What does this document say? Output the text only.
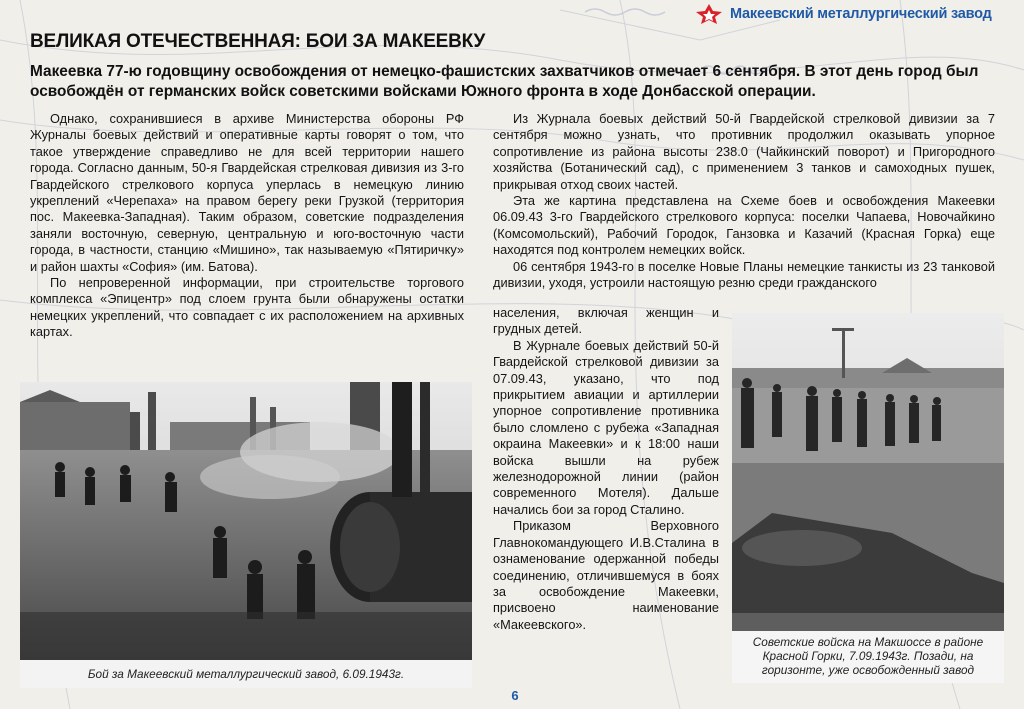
Макеевский металлургический завод
ВЕЛИКАЯ ОТЕЧЕСТВЕННАЯ: БОИ ЗА МАКЕЕВКУ

Макеевка 77-ю годовщину освобождения от немецко-фашистских захватчиков отмечает 6 сентября. В этот день город был освобождён от германских войск советскими войсками Южного фронта в ходе Донбасской операции.

Однако, сохранившиеся в архиве Министерства обороны РФ Журналы боевых действий и оперативные карты говорят о том, что такое утверждение справедливо не для всей территории нашего города. Согласно данным, 50-я Гвардейская стрелковая дивизия из 3-го Гвардейского стрелкового корпуса уперлась в немецкую линию укреплений «Черепаха» на правом берегу реки Грузкой (территория пос. Макеевка-Западная). Таким образом, советские подразделения заняли восточную, северную, центральную и юго-восточную части города, в частности, станцию «Мишино», так называемую «Пятиричку» и район шахты «София» (им. Батова).

По непроверенной информации, при строительстве торгового комплекса «Эпицентр» под слоем грунта были обнаружены остатки немецких укреплений, что совпадает с их расположением на архивных картах.

Из Журнала боевых действий 50-й Гвардейской стрелковой дивизии за 7 сентября можно узнать, что противник продолжил оказывать упорное сопротивление из района высоты 238.0 (Чайкинский поворот) и Пригородного хозяйства (Ботанический сад), с применением 3 танков и самоходных пушек, прикрывая отход своих частей.

Эта же картина представлена на Схеме боев и освобождения Макеевки 06.09.43 3-го Гвардейского стрелкового корпуса: поселки Чапаева, Новочайкино (Комсомольский), Рабочий Городок, Ганзовка и Казачий (Красная Горка) еще находятся под контролем немецких войск.

06 сентября 1943-го в поселке Новые Планы немецкие танкисты из 23 танковой дивизии, уходя, устроили настоящую резню среди гражданского

населения, включая женщин и грудных детей.

В Журнале боевых действий 50-й Гвардейской стрелковой дивизии за 07.09.43, указано, что под прикрытием авиации и артиллерии упорное сопротивление противника было сломлено с рубежа «Западная окраина Макеевки» и к 18:00 наши войска вышли на рубеж железнодорожной линии (район современного Мотеля). Дальше начались бои за город Сталино.

Приказом Верховного Главнокомандующего И.В.Сталина в ознаменование одержанной победы соединению, отличившемуся в боях за освобождение Макеевки, присвоено наименование «Макеевского».

Бой за Макеевский металлургический завод, 6.09.1943г.
Советские войска на Макшоссе в районе Красной Горки, 7.09.1943г. Позади, на горизонте, уже освобожденный завод
6
